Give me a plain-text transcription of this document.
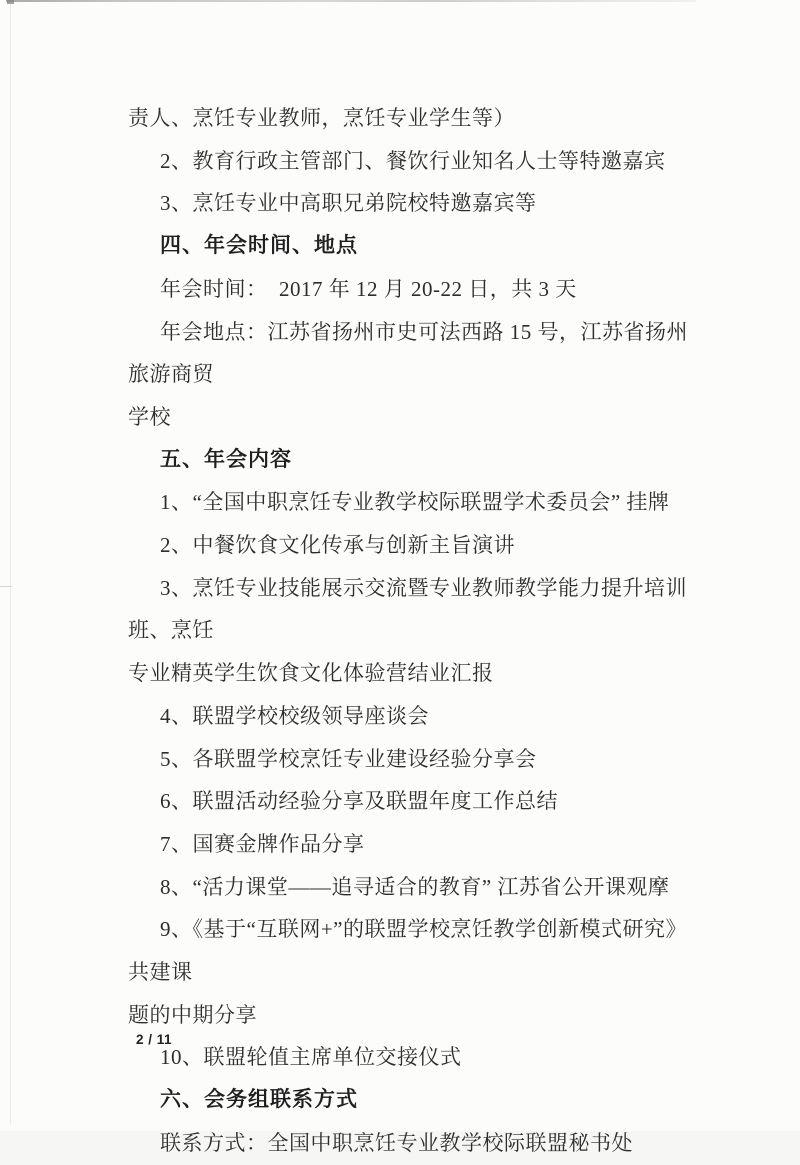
责人、烹饪专业教师，烹饪专业学生等）
2、教育行政主管部门、餐饮行业知名人士等特邀嘉宾
3、烹饪专业中高职兄弟院校特邀嘉宾等
四、年会时间、地点
年会时间：  2017 年 12 月 20-22 日，共 3 天
年会地点：江苏省扬州市史可法西路 15 号，江苏省扬州旅游商贸
学校
五、年会内容
1、“全国中职烹饪专业教学校际联盟学术委员会” 挂牌
2、中餐饮食文化传承与创新主旨演讲
3、烹饪专业技能展示交流暨专业教师教学能力提升培训班、烹饪
专业精英学生饮食文化体验营结业汇报
4、联盟学校校级领导座谈会
5、各联盟学校烹饪专业建设经验分享会
6、联盟活动经验分享及联盟年度工作总结
7、国赛金牌作品分享
8、“活力课堂——追寻适合的教育” 江苏省公开课观摩
9、《基于“互联网+”的联盟学校烹饪教学创新模式研究》共建课
题的中期分享
10、联盟轮值主席单位交接仪式
六、会务组联系方式
联系方式：全国中职烹饪专业教学校际联盟秘书处
2 / 11
